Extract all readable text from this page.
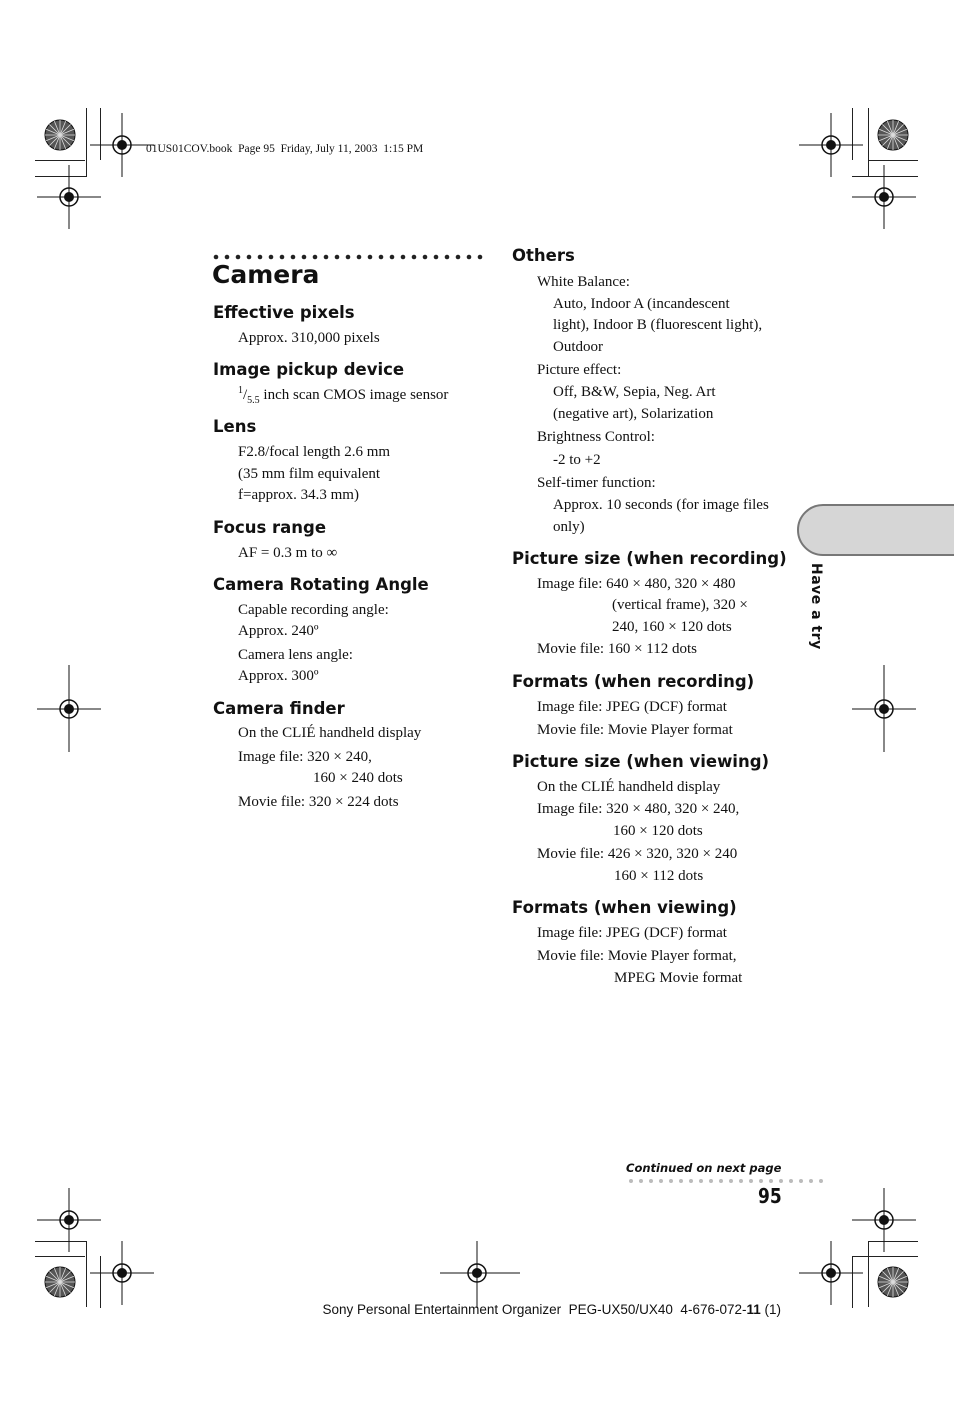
01US01COV.book  Page 95  Friday, July 11, 2003  1:15 PM
Camera
Effective pixels
Approx. 310,000 pixels
Image pickup device
$^1/_{5.5}$ inch scan CMOS image sensor
Lens
F2.8/focal length 2.6 mm
(35 mm film equivalent
f=approx. 34.3 mm)
Focus range
AF = 0.3 m to ∞
Camera Rotating Angle
Capable recording angle:
Approx. 240º
Camera lens angle:
Approx. 300º
Camera finder
On the CLIÉ handheld display
Image file: 320 × 240,
160 × 240 dots
Movie file: 320 × 224 dots
Others
White Balance:
Auto, Indoor A (incandescent
light), Indoor B (fluorescent light),
Outdoor
Picture effect:
Off, B&W, Sepia, Neg. Art
(negative art), Solarization
Brightness Control:
-2 to +2
Self-timer function:
Approx. 10 seconds (for image files
only)
Picture size (when recording)
Image file: 640 × 480, 320 × 480
(vertical frame), 320 ×
240, 160 × 120 dots
Movie file: 160 × 112 dots
Formats (when recording)
Image file: JPEG (DCF) format
Movie file: Movie Player format
Picture size (when viewing)
On the CLIÉ handheld display
Image file: 320 × 480, 320 × 240,
160 × 120 dots
Movie file: 426 × 320, 320 × 240
160 × 112 dots
Formats (when viewing)
Image file: JPEG (DCF) format
Movie file: Movie Player format,
MPEG Movie format
Have a try
Continued on next page
95

Sony Personal Entertainment Organizer  PEG-UX50/UX40  4-676-072-11 (1)
